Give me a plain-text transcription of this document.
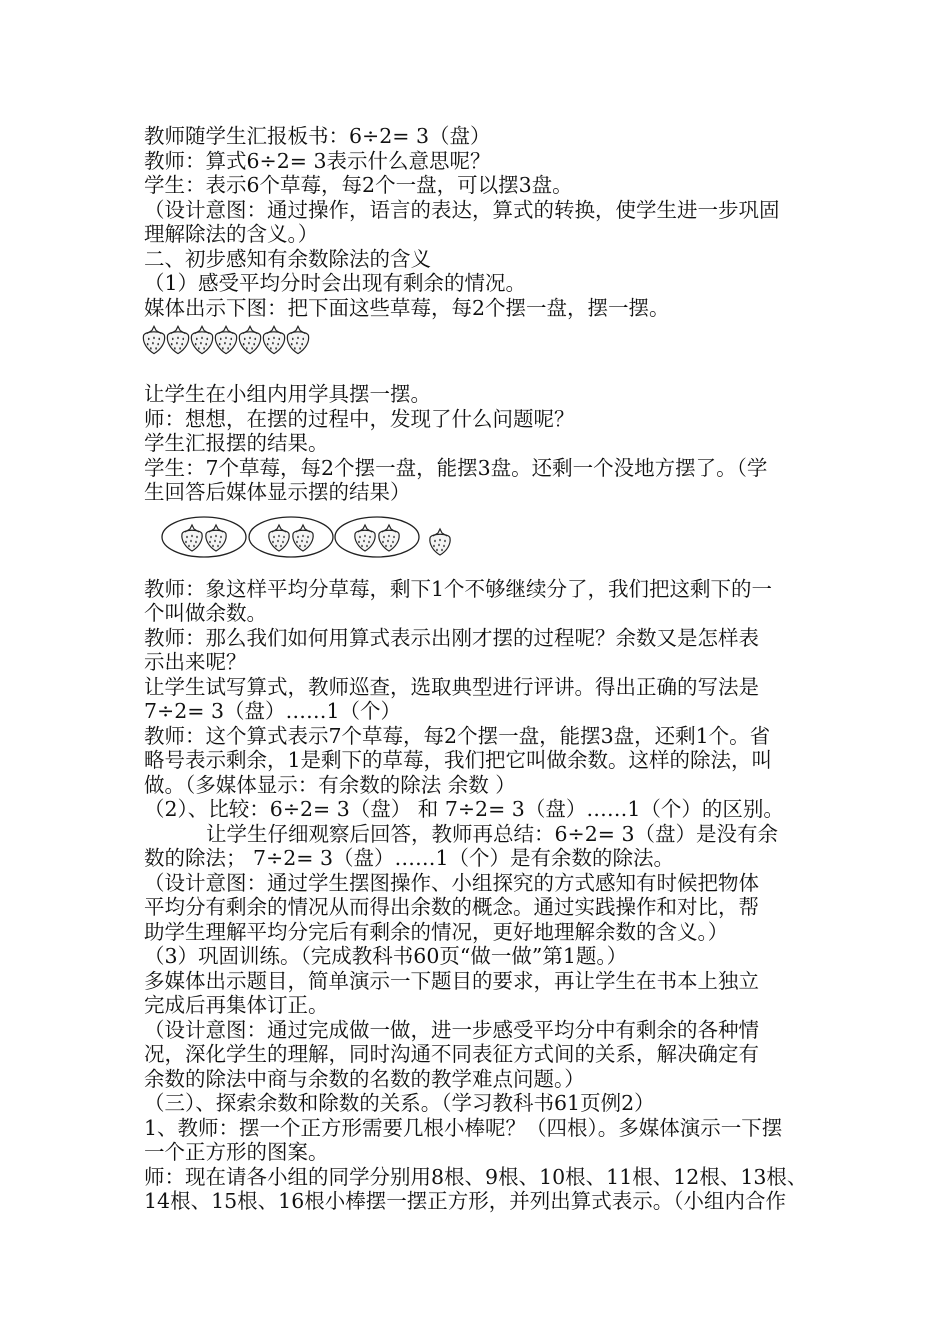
教师随学生汇报板书：6÷2= 3（盘）
教师：算式6÷2= 3表示什么意思呢？
学生：表示6个草莓，每2个一盘，可以摆3盘。
（设计意图：通过操作，语言的表达，算式的转换，使学生进一步巩固
理解除法的含义。）
二、初步感知有余数除法的含义
（1）感受平均分时会出现有剩余的情况。
媒体出示下图：把下面这些草莓，每2个摆一盘，摆一摆。
让学生在小组内用学具摆一摆。
师：想想，在摆的过程中，发现了什么问题呢？
学生汇报摆的结果。
学生：7个草莓，每2个摆一盘，能摆3盘。还剩一个没地方摆了。（学
生回答后媒体显示摆的结果）
教师：象这样平均分草莓，剩下1个不够继续分了，我们把这剩下的一
个叫做余数。
教师：那么我们如何用算式表示出刚才摆的过程呢？余数又是怎样表
示出来呢？
让学生试写算式，教师巡查，选取典型进行评讲。得出正确的写法是
7÷2= 3（盘）……1（个）
教师：这个算式表示7个草莓，每2个摆一盘，能摆3盘，还剩1个。省
略号表示剩余，1是剩下的草莓，我们把它叫做余数。这样的除法，叫
做。（多媒体显示：有余数的除法 余数 ）
（2）、比较：6÷2= 3（盘） 和 7÷2= 3（盘）……1（个）的区别。
让学生仔细观察后回答，教师再总结：6÷2= 3（盘）是没有余
数的除法； 7÷2= 3（盘）……1（个）是有余数的除法。
（设计意图：通过学生摆图操作、小组探究的方式感知有时候把物体
平均分有剩余的情况从而得出余数的概念。通过实践操作和对比，帮
助学生理解平均分完后有剩余的情况，更好地理解余数的含义。）
（3）巩固训练。（完成教科书60页“做一做”第1题。）
多媒体出示题目，简单演示一下题目的要求，再让学生在书本上独立
完成后再集体订正。
（设计意图：通过完成做一做，进一步感受平均分中有剩余的各种情
况，深化学生的理解，同时沟通不同表征方式间的关系，解决确定有
余数的除法中商与余数的名数的教学难点问题。）
（三）、探索余数和除数的关系。（学习教科书61页例2）
1、教师：摆一个正方形需要几根小棒呢？（四根）。多媒体演示一下摆
一个正方形的图案。
师：现在请各小组的同学分别用8根、9根、10根、11根、12根、13根、
14根、15根、16根小棒摆一摆正方形，并列出算式表示。（小组内合作
